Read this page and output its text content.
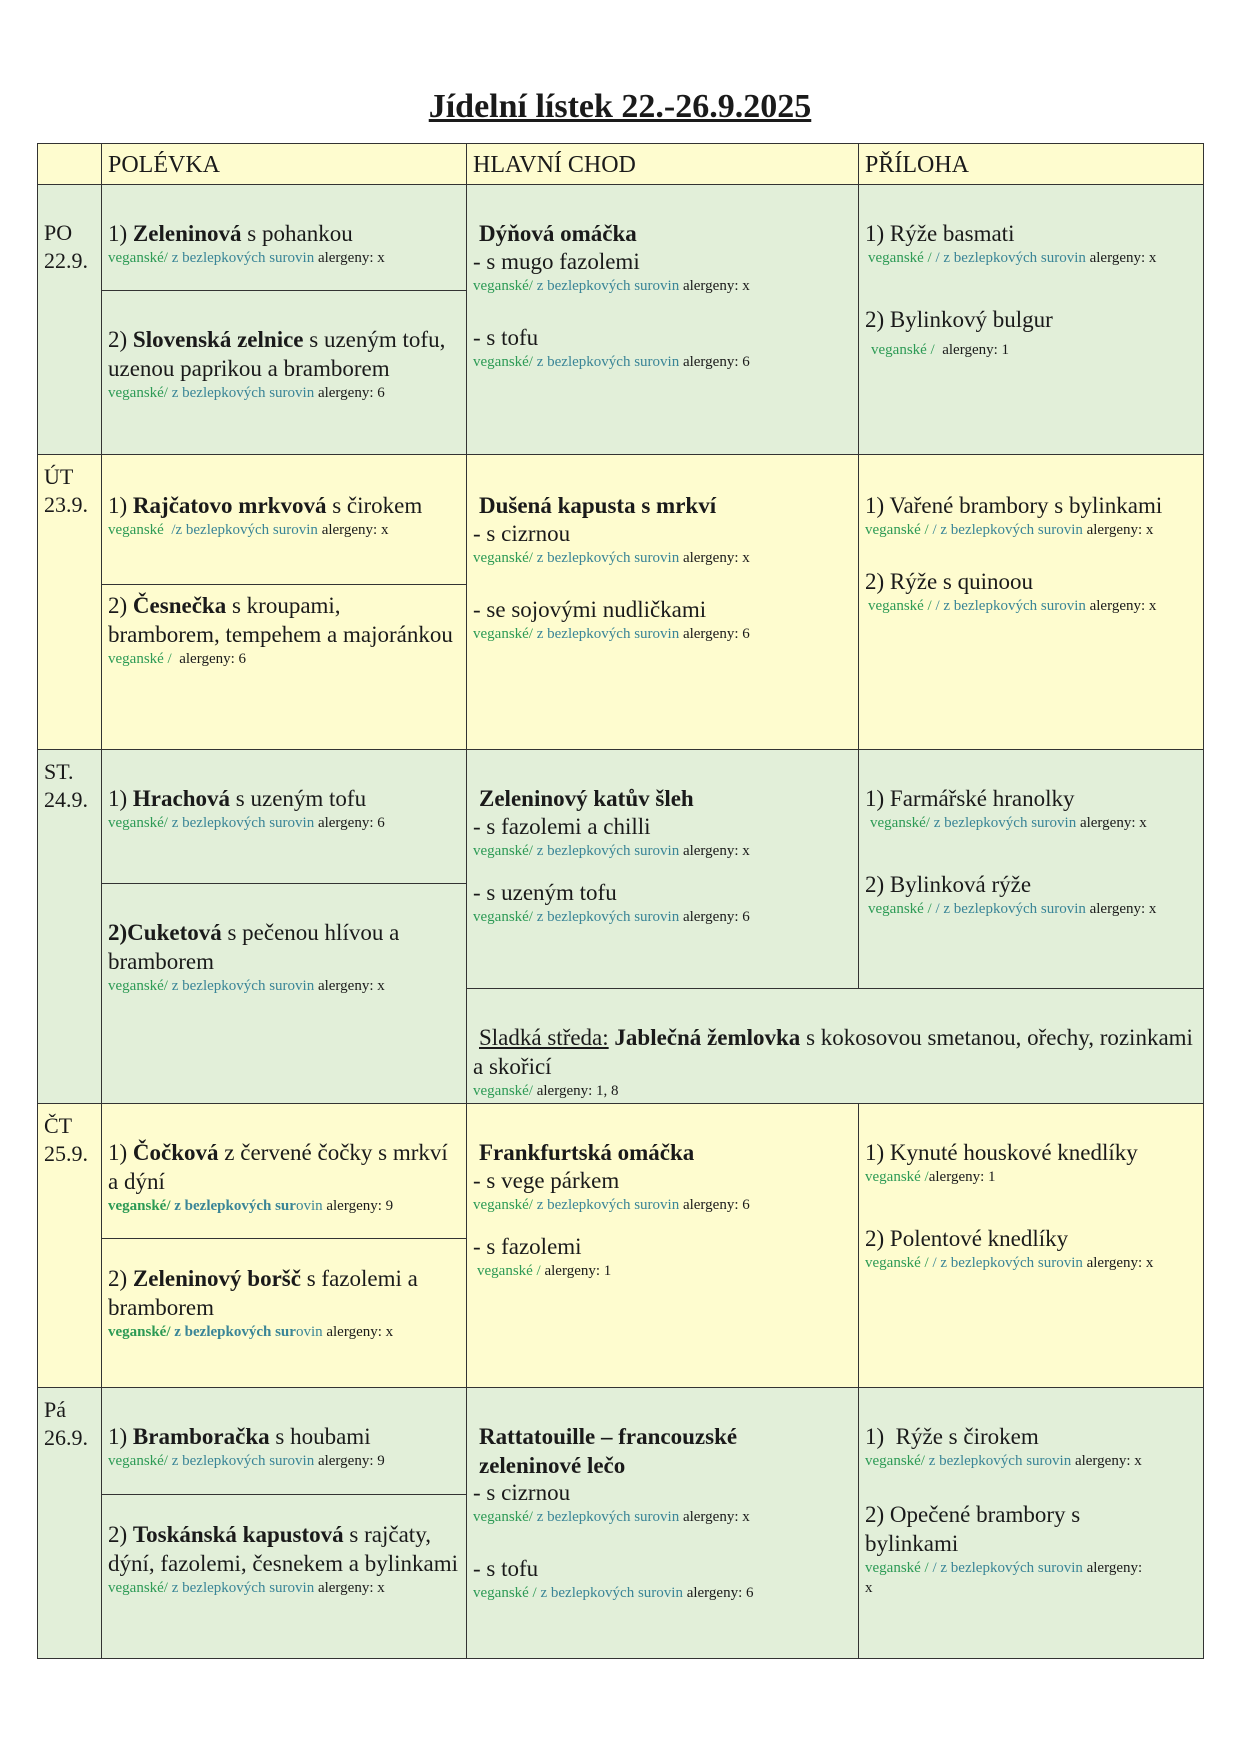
Jídelní lístek 22.-26.9.2025
POLÉVKA	HLAVNÍ CHOD	PŘÍLOHA
PO
22.9.
1) Zeleninová s pohankou
veganské/ z bezlepkových surovin alergeny: x
2) Slovenská zelnice s uzeným tofu, uzenou paprikou a bramborem
veganské/ z bezlepkových surovin alergeny: 6
Dýňová omáčka
- s mugo fazolemi
veganské/ z bezlepkových surovin alergeny: x
- s tofu
veganské/ z bezlepkových surovin alergeny: 6
1) Rýže basmati
veganské / / z bezlepkových surovin alergeny: x
2) Bylinkový bulgur
veganské / alergeny: 1
ÚT
23.9. 1) Rajčatovo mrkvová s čirokem
veganské /z bezlepkových surovin alergeny: x
2) Česnečka s kroupami, bramborem, tempehem a majoránkou
veganské / alergeny: 6
Dušená kapusta s mrkví
- s cizrnou
veganské/ z bezlepkových surovin alergeny: x
- se sojovými nudličkami
veganské/ z bezlepkových surovin alergeny: 6
1) Vařené brambory s bylinkami
veganské / / z bezlepkových surovin alergeny: x
2) Rýže s quinoou
veganské / / z bezlepkových surovin alergeny: x
ST.
24.9. 1) Hrachová s uzeným tofu
veganské/ z bezlepkových surovin alergeny: 6
2)Cuketová s pečenou hlívou a bramborem
veganské/ z bezlepkových surovin alergeny: x
Zeleninový katův šleh
- s fazolemi a chilli
veganské/ z bezlepkových surovin alergeny: x
- s uzeným tofu
veganské/ z bezlepkových surovin alergeny: 6
1) Farmářské hranolky
veganské/ z bezlepkových surovin alergeny: x
2) Bylinková rýže
veganské / / z bezlepkových surovin alergeny: x
Sladká středa: Jablečná žemlovka s kokosovou smetanou, ořechy, rozinkami a skořicí
veganské/ alergeny: 1, 8
ČT
25.9. 1) Čočková z červené čočky s mrkví a dýní
veganské/ z bezlepkových surovin alergeny: 9
2) Zeleninový boršč s fazolemi a bramborem
veganské/ z bezlepkových surovin alergeny: x
Frankfurtská omáčka
- s vege párkem
veganské/ z bezlepkových surovin alergeny: 6
- s fazolemi
veganské / alergeny: 1
1) Kynuté houskové knedlíky
veganské /alergeny: 1
2) Polentové knedlíky
veganské / / z bezlepkových surovin alergeny: x
Pá
26.9. 1) Bramboračka s houbami
veganské/ z bezlepkových surovin alergeny: 9
2) Toskánská kapustová s rajčaty, dýní, fazolemi, česnekem a bylinkami
veganské/ z bezlepkových surovin alergeny: x
Rattatouille – francouzské zeleninové lečo
- s cizrnou
veganské/ z bezlepkových surovin alergeny: x
- s tofu
veganské / z bezlepkových surovin alergeny: 6
1)  Rýže s čirokem
veganské/ z bezlepkových surovin alergeny: x
2) Opečené brambory s bylinkami
veganské / / z bezlepkových surovin alergeny: x
